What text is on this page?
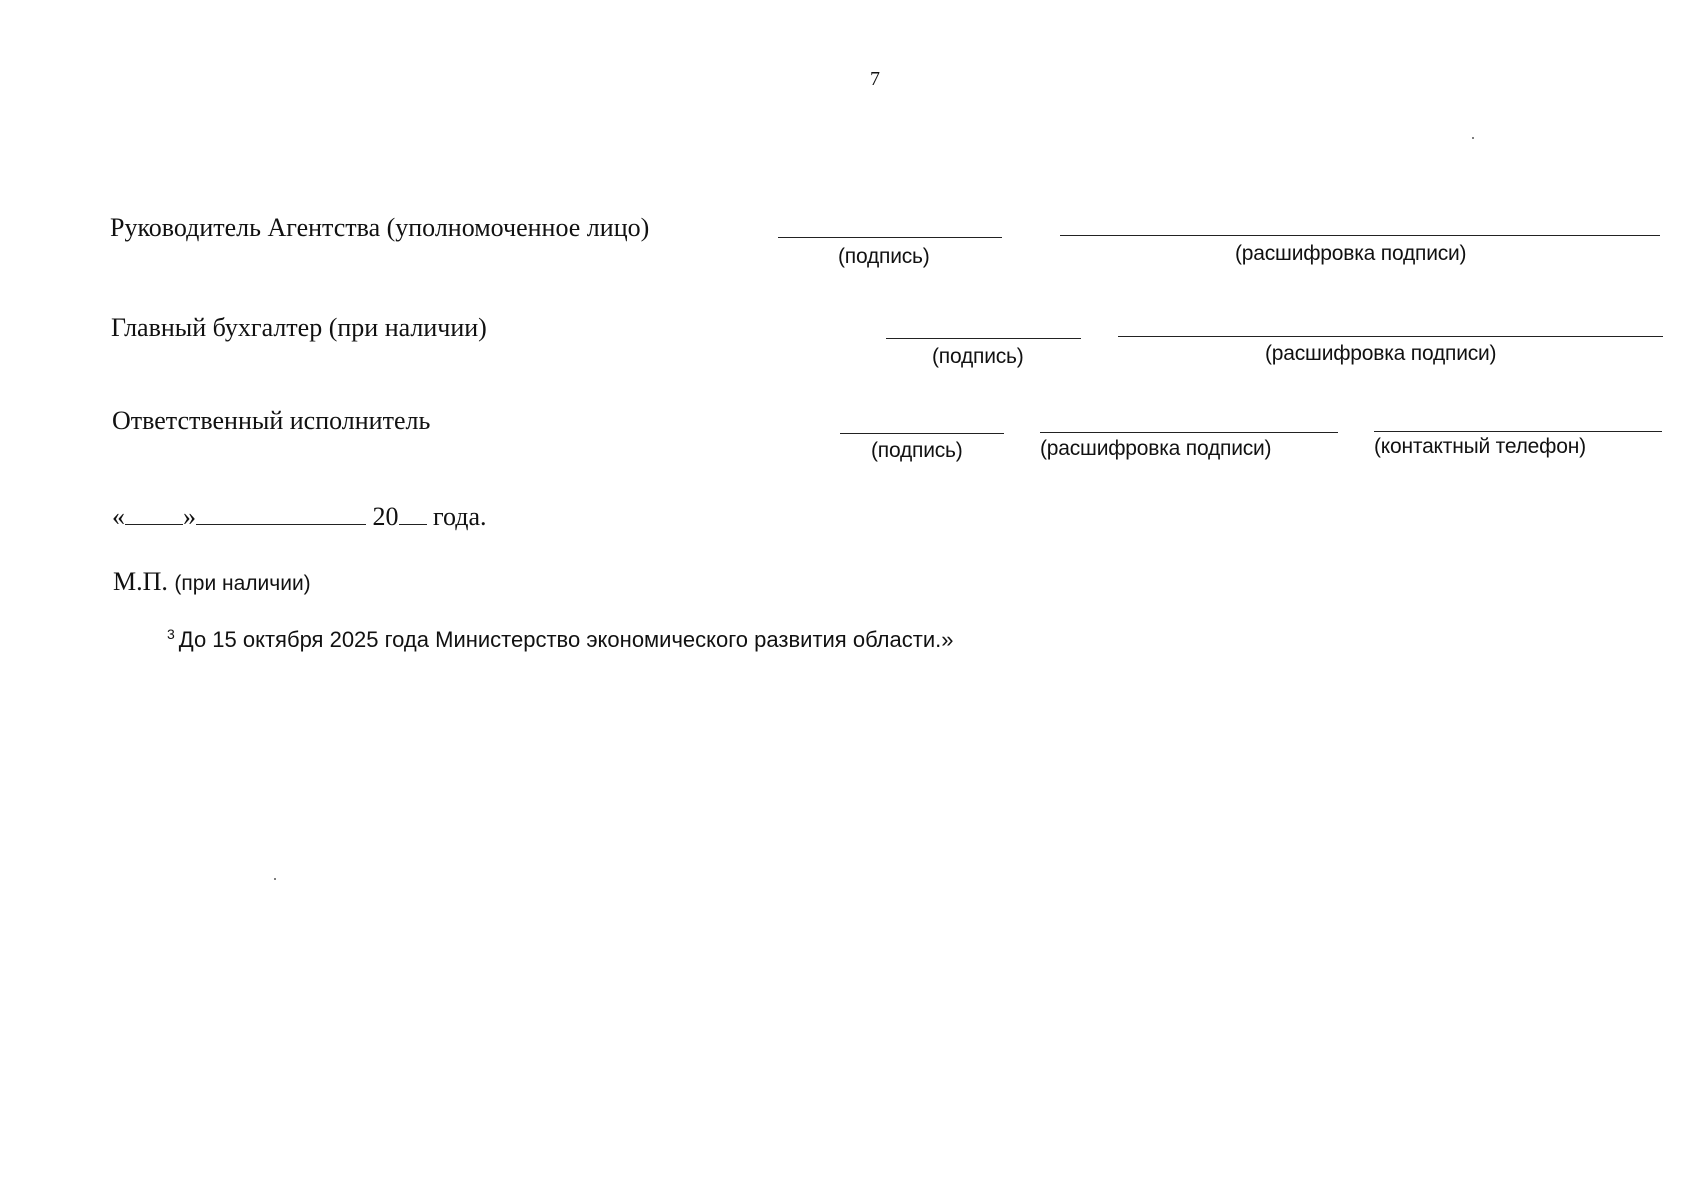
7
Руководитель Агентства (уполномоченное лицо)
(подпись)	(расшифровка подписи)
Главный бухгалтер (при наличии)
(подпись)	(расшифровка подписи)
Ответственный исполнитель
(подпись)	(расшифровка подписи)	(контактный телефон)
« »	20 года.
М.П. (при наличии)
$^3$ До 15 октября 2025 года Министерство экономического развития области.»
